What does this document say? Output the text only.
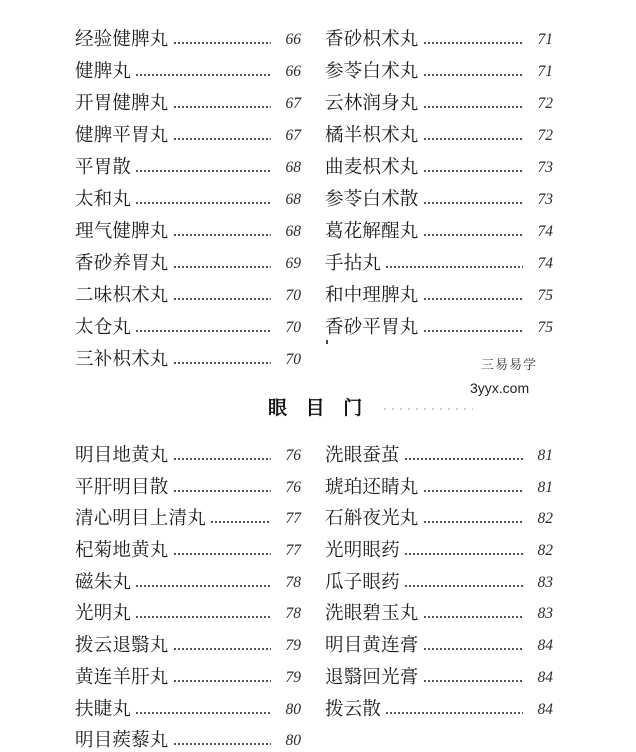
经验健脾丸	66
健脾丸	66
开胃健脾丸	67
健脾平胃丸	67
平胃散	68
太和丸	68
理气健脾丸	68
香砂养胃丸	69
二味枳术丸	70
太仓丸	70
三补枳术丸	70
香砂枳术丸	71
参苓白术丸	71
云林润身丸	72
橘半枳术丸	72
曲麦枳术丸	73
参苓白术散	73
葛花解醒丸	74
手拈丸	74
和中理脾丸	75
香砂平胃丸	75
三易易学
3yyx.com
眼 目 门
明目地黄丸	76
平肝明目散	76
清心明目上清丸	77
杞菊地黄丸	77
磁朱丸	78
光明丸	78
拨云退翳丸	79
黄连羊肝丸	79
扶睫丸	80
明目蒺藜丸	80
洗眼蚕茧	81
琥珀还睛丸	81
石斛夜光丸	82
光明眼药	82
瓜子眼药	83
洗眼碧玉丸	83
明目黄连膏	84
退翳回光膏	84
拨云散	84
